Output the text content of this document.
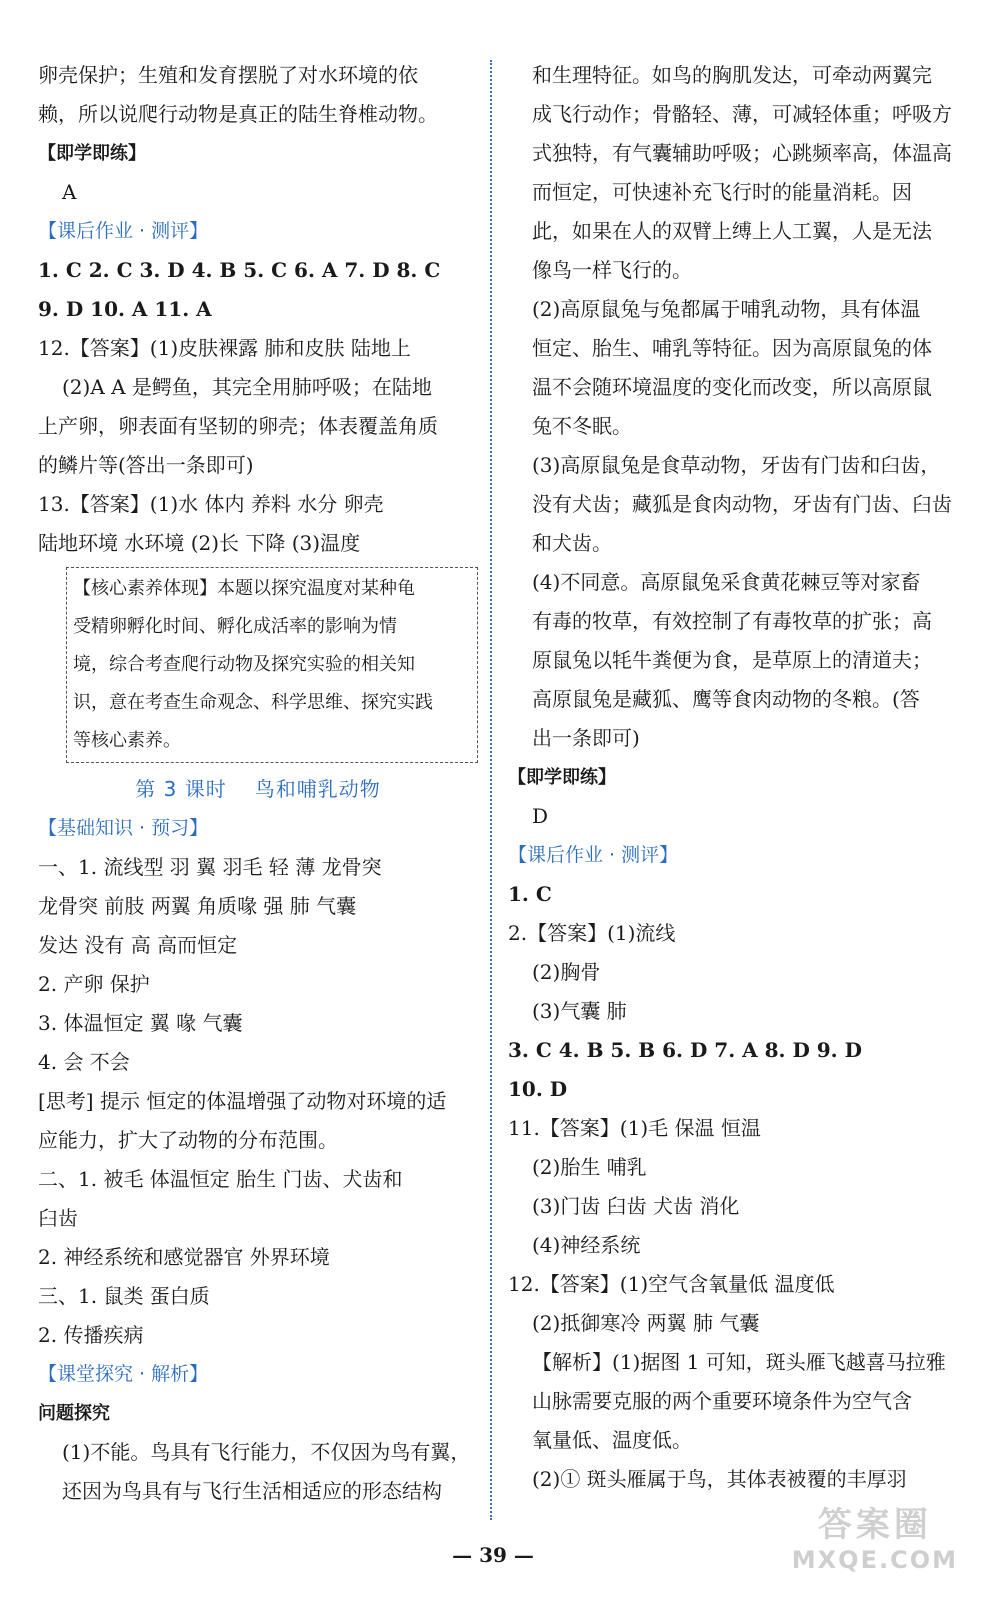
卵壳保护；生殖和发育摆脱了对水环境的依
赖，所以说爬行动物是真正的陆生脊椎动物。
【即学即练】
A
【课后作业 · 测评】
1. C 2. C 3. D 4. B 5. C 6. A 7. D 8. C
9. D 10. A 11. A
12.【答案】(1)皮肤裸露 肺和皮肤 陆地上
(2)A A 是鳄鱼，其完全用肺呼吸；在陆地
上产卵，卵表面有坚韧的卵壳；体表覆盖角质
的鳞片等(答出一条即可)
13.【答案】(1)水 体内 养料 水分 卵壳
陆地环境 水环境 (2)长 下降 (3)温度
【核心素养体现】本题以探究温度对某种龟
受精卵孵化时间、孵化成活率的影响为情
境，综合考查爬行动物及探究实验的相关知
识，意在考查生命观念、科学思维、探究实践
等核心素养。
第 3 课时 鸟和哺乳动物
【基础知识 · 预习】
一、1. 流线型 羽 翼 羽毛 轻 薄 龙骨突
龙骨突 前肢 两翼 角质喙 强 肺 气囊
发达 没有 高 高而恒定
2. 产卵 保护
3. 体温恒定 翼 喙 气囊
4. 会 不会
[思考] 提示 恒定的体温增强了动物对环境的适
应能力，扩大了动物的分布范围。
二、1. 被毛 体温恒定 胎生 门齿、犬齿和
臼齿
2. 神经系统和感觉器官 外界环境
三、1. 鼠类 蛋白质
2. 传播疾病
【课堂探究 · 解析】
问题探究
(1)不能。鸟具有飞行能力，不仅因为鸟有翼，
还因为鸟具有与飞行生活相适应的形态结构
和生理特征。如鸟的胸肌发达，可牵动两翼完
成飞行动作；骨骼轻、薄，可减轻体重；呼吸方
式独特，有气囊辅助呼吸；心跳频率高，体温高
而恒定，可快速补充飞行时的能量消耗。因
此，如果在人的双臂上缚上人工翼，人是无法
像鸟一样飞行的。
(2)高原鼠兔与兔都属于哺乳动物，具有体温
恒定、胎生、哺乳等特征。因为高原鼠兔的体
温不会随环境温度的变化而改变，所以高原鼠
兔不冬眠。
(3)高原鼠兔是食草动物，牙齿有门齿和臼齿，
没有犬齿；藏狐是食肉动物，牙齿有门齿、臼齿
和犬齿。
(4)不同意。高原鼠兔采食黄花棘豆等对家畜
有毒的牧草，有效控制了有毒牧草的扩张；高
原鼠兔以牦牛粪便为食，是草原上的清道夫；
高原鼠兔是藏狐、鹰等食肉动物的冬粮。(答
出一条即可)
【即学即练】
D
【课后作业 · 测评】
1. C
2.【答案】(1)流线
(2)胸骨
(3)气囊 肺
3. C 4. B 5. B 6. D 7. A 8. D 9. D
10. D
11.【答案】(1)毛 保温 恒温
(2)胎生 哺乳
(3)门齿 臼齿 犬齿 消化
(4)神经系统
12.【答案】(1)空气含氧量低 温度低
(2)抵御寒冷 两翼 肺 气囊
【解析】(1)据图 1 可知，斑头雁飞越喜马拉雅
山脉需要克服的两个重要环境条件为空气含
氧量低、温度低。
(2)① 斑头雁属于鸟，其体表被覆的丰厚羽
— 39 —
答案圈
MXQE.COM
